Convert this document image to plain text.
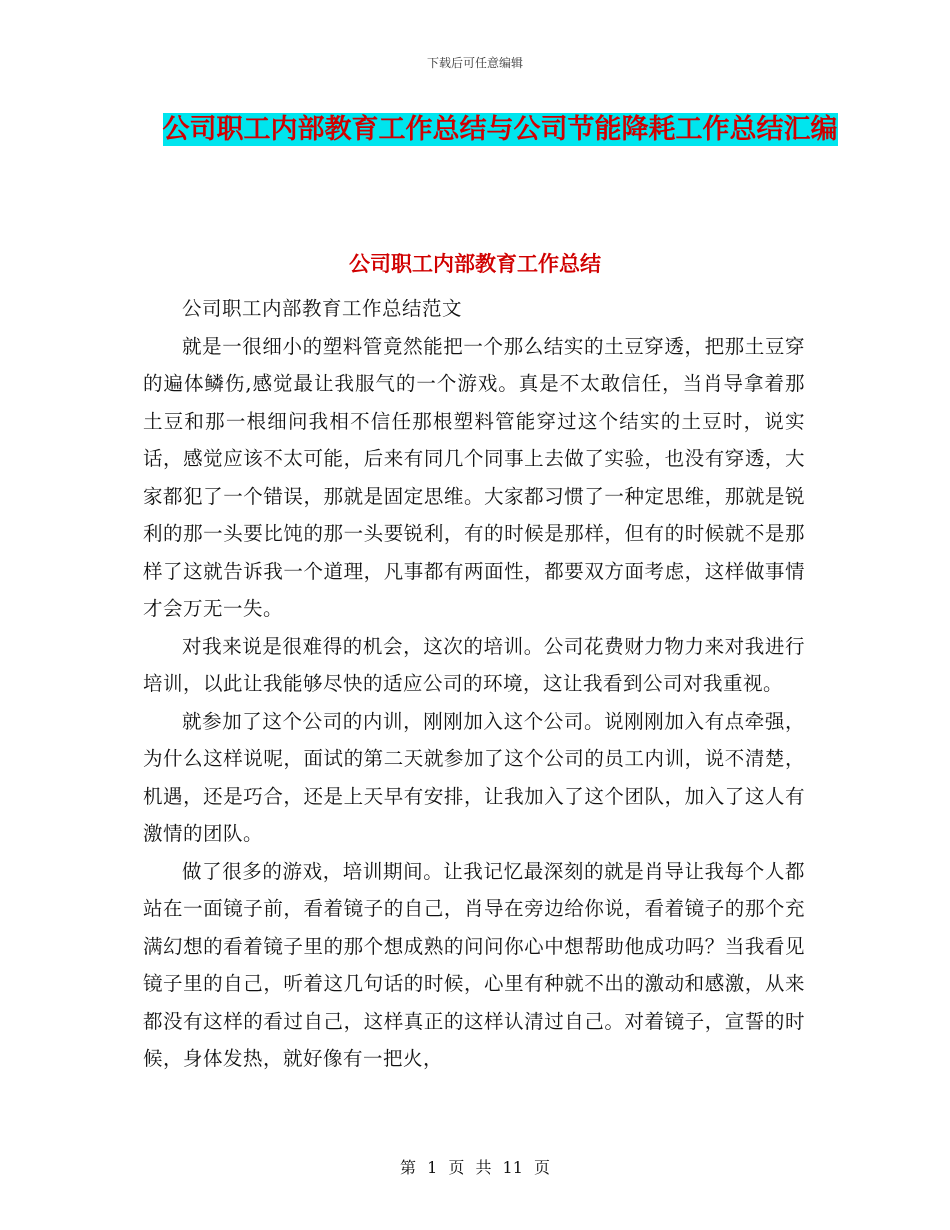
下载后可任意编辑
公司职工内部教育工作总结与公司节能降耗工作总结汇编
公司职工内部教育工作总结

公司职工内部教育工作总结范文

就是一很细小的塑料管竟然能把一个那么结实的土豆穿透，把那土豆穿的遍体鳞伤,感觉最让我服气的一个游戏。真是不太敢信任，当肖导拿着那土豆和那一根细问我相不信任那根塑料管能穿过这个结实的土豆时，说实话，感觉应该不太可能，后来有同几个同事上去做了实验，也没有穿透，大家都犯了一个错误，那就是固定思维。大家都习惯了一种定思维，那就是锐利的那一头要比饨的那一头要锐利，有的时候是那样，但有的时候就不是那样了这就告诉我一个道理，凡事都有两面性，都要双方面考虑，这样做事情才会万无一失。

对我来说是很难得的机会，这次的培训。公司花费财力物力来对我进行培训，以此让我能够尽快的适应公司的环境，这让我看到公司对我重视。

就参加了这个公司的内训，刚刚加入这个公司。说刚刚加入有点牵强，为什么这样说呢，面试的第二天就参加了这个公司的员工内训，说不清楚，机遇，还是巧合，还是上天早有安排，让我加入了这个团队，加入了这人有激情的团队。

做了很多的游戏，培训期间。让我记忆最深刻的就是肖导让我每个人都站在一面镜子前，看着镜子的自己，肖导在旁边给你说，看着镜子的那个充满幻想的看着镜子里的那个想成熟的问问你心中想帮助他成功吗？当我看见镜子里的自己，听着这几句话的时候，心里有种就不出的激动和感激，从来都没有这样的看过自己，这样真正的这样认清过自己。对着镜子，宣誓的时候，身体发热，就好像有一把火，

第 1 页 共 11 页
